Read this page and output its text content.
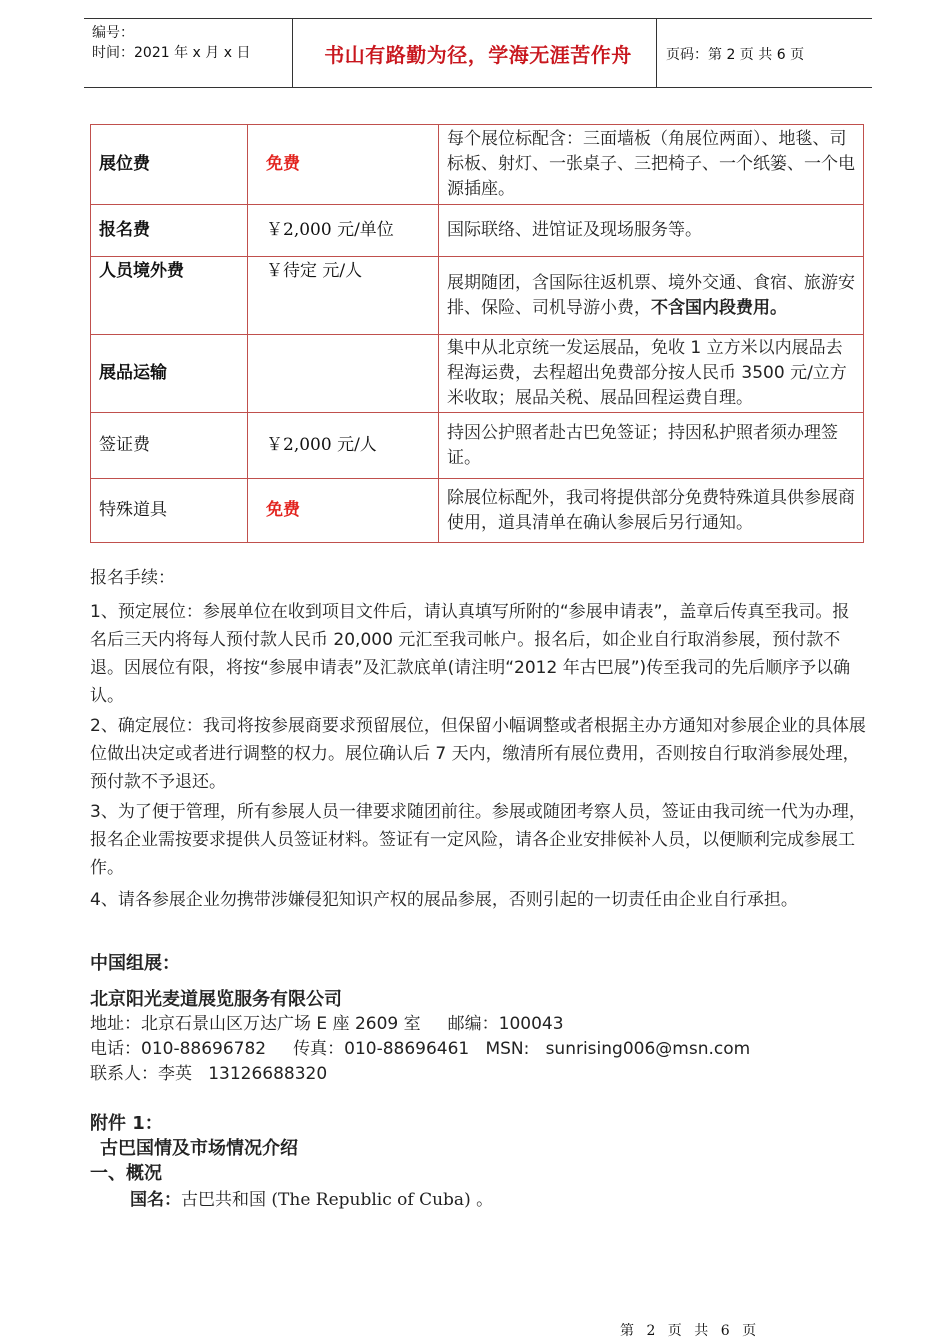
编号：
时间：2021 年 x 月 x 日	书山有路勤为径，学海无涯苦作舟	页码：第 2 页 共 6 页
展位费	免费	每个展位标配含：三面墙板（角展位两面）、地毯、司标板、射灯、一张桌子、三把椅子、一个纸篓、一个电源插座。
报名费	￥2,000 元/单位	国际联络、进馆证及现场服务等。
人员境外费	￥待定 元/人	展期随团，含国际往返机票、境外交通、食宿、旅游安排、保险、司机导游小费，不含国内段费用。
展品运输		集中从北京统一发运展品，免收 1 立方米以内展品去程海运费，去程超出免费部分按人民币 3500 元/立方米收取；展品关税、展品回程运费自理。
签证费	￥2,000 元/人	持因公护照者赴古巴免签证；持因私护照者须办理签证。
特殊道具	免费	除展位标配外，我司将提供部分免费特殊道具供参展商使用，道具清单在确认参展后另行通知。
报名手续：
1、预定展位：参展单位在收到项目文件后，请认真填写所附的“参展申请表”，盖章后传真至我司。报名后三天内将每人预付款人民币 20,000 元汇至我司帐户。报名后，如企业自行取消参展，预付款不退。因展位有限，将按“参展申请表”及汇款底单(请注明“2012 年古巴展”)传至我司的先后顺序予以确认。
2、确定展位：我司将按参展商要求预留展位，但保留小幅调整或者根据主办方通知对参展企业的具体展位做出决定或者进行调整的权力。展位确认后 7 天内，缴清所有展位费用，否则按自行取消参展处理，预付款不予退还。
3、为了便于管理，所有参展人员一律要求随团前往。参展或随团考察人员，签证由我司统一代为办理，报名企业需按要求提供人员签证材料。签证有一定风险，请各企业安排候补人员，以便顺利完成参展工作。
4、请各参展企业勿携带涉嫌侵犯知识产权的展品参展，否则引起的一切责任由企业自行承担。
中国组展：
北京阳光麦道展览服务有限公司
地址：北京石景山区万达广场 E 座 2609 室     邮编：100043
电话：010-88696782     传真：010-88696461   MSN:   sunrising006@msn.com
联系人：李英   13126688320
附件 1：
古巴国情及市场情况介绍
一、概况
国名：古巴共和国 (The Republic of Cuba) 。
第 2 页 共 6 页
